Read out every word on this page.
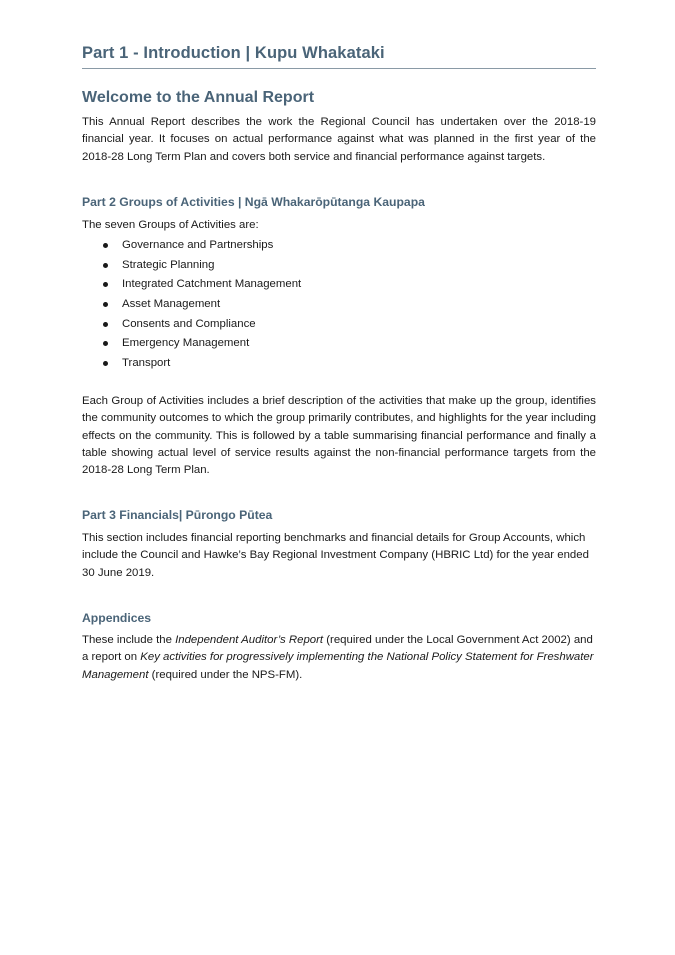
Part 1 - Introduction | Kupu Whakataki
Welcome to the Annual Report

This Annual Report describes the work the Regional Council has undertaken over the 2018-19 financial year. It focuses on actual performance against what was planned in the first year of the 2018-28 Long Term Plan and covers both service and financial performance against targets.

Part 2 Groups of Activities | Ngā Whakarōpūtanga Kaupapa

The seven Groups of Activities are:

Governance and Partnerships
Strategic Planning
Integrated Catchment Management
Asset Management
Consents and Compliance
Emergency Management
Transport

Each Group of Activities includes a brief description of the activities that make up the group, identifies the community outcomes to which the group primarily contributes, and highlights for the year including effects on the community. This is followed by a table summarising financial performance and finally a table showing actual level of service results against the non-financial performance targets from the 2018-28 Long Term Plan.

Part 3 Financials| Pūrongo Pūtea

This section includes financial reporting benchmarks and financial details for Group Accounts, which include the Council and Hawke’s Bay Regional Investment Company (HBRIC Ltd) for the year ended 30 June 2019.

Appendices

These include the Independent Auditor’s Report (required under the Local Government Act 2002) and a report on Key activities for progressively implementing the National Policy Statement for Freshwater Management (required under the NPS-FM).
